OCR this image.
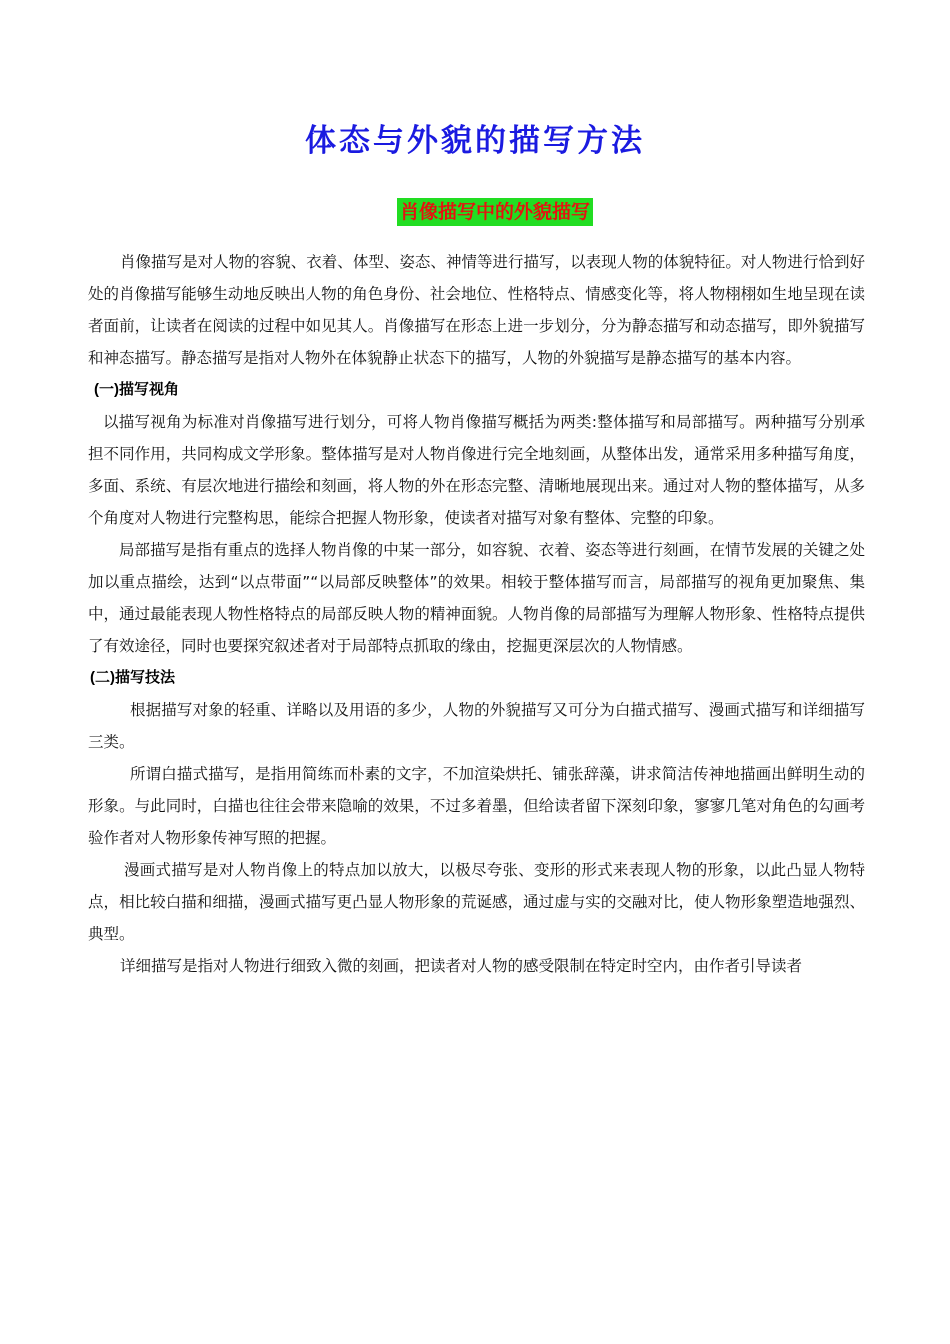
体态与外貌的描写方法
肖像描写中的外貌描写

肖像描写是对人物的容貌、衣着、体型、姿态、神情等进行描写，以表现人物的体貌特征。对人物进行恰到好处的肖像描写能够生动地反映出人物的角色身份、社会地位、性格特点、情感变化等，将人物栩栩如生地呈现在读者面前，让读者在阅读的过程中如见其人。肖像描写在形态上进一步划分，分为静态描写和动态描写，即外貌描写和神态描写。静态描写是指对人物外在体貌静止状态下的描写，人物的外貌描写是静态描写的基本内容。

(一)描写视角

以描写视角为标准对肖像描写进行划分，可将人物肖像描写概括为两类:整体描写和局部描写。两种描写分别承担不同作用，共同构成文学形象。整体描写是对人物肖像进行完全地刻画，从整体出发，通常采用多种描写角度，多面、系统、有层次地进行描绘和刻画，将人物的外在形态完整、清晰地展现出来。通过对人物的整体描写，从多个角度对人物进行完整构思，能综合把握人物形象，使读者对描写对象有整体、完整的印象。

局部描写是指有重点的选择人物肖像的中某一部分，如容貌、衣着、姿态等进行刻画，在情节发展的关键之处加以重点描绘，达到“以点带面”“以局部反映整体”的效果。相较于整体描写而言，局部描写的视角更加聚焦、集中，通过最能表现人物性格特点的局部反映人物的精神面貌。人物肖像的局部描写为理解人物形象、性格特点提供了有效途径，同时也要探究叙述者对于局部特点抓取的缘由，挖掘更深层次的人物情感。

(二)描写技法

根据描写对象的轻重、详略以及用语的多少，人物的外貌描写又可分为白描式描写、漫画式描写和详细描写三类。

所谓白描式描写，是指用简练而朴素的文字，不加渲染烘托、铺张辞藻，讲求简洁传神地描画出鲜明生动的形象。与此同时，白描也往往会带来隐喻的效果，不过多着墨，但给读者留下深刻印象，寥寥几笔对角色的勾画考验作者对人物形象传神写照的把握。

漫画式描写是对人物肖像上的特点加以放大，以极尽夸张、变形的形式来表现人物的形象，以此凸显人物特点，相比较白描和细描，漫画式描写更凸显人物形象的荒诞感，通过虚与实的交融对比，使人物形象塑造地强烈、典型。

详细描写是指对人物进行细致入微的刻画，把读者对人物的感受限制在特定时空内，由作者引导读者
